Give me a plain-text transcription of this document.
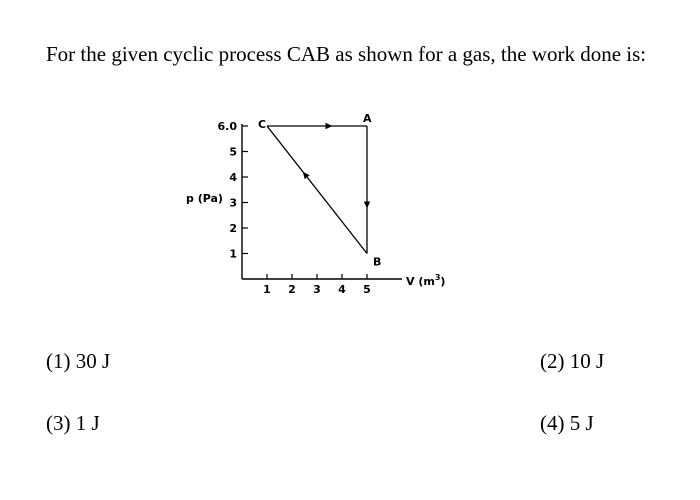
For the given cyclic process CAB as shown for a gas, the work done is:
6.0
5
4
3
2
1
1 2 3 4 5
C	A
B
p (Pa)
V $(m^3)$
(1) 30 J	(2) 10 J
(3) 1 J	(4) 5 J
